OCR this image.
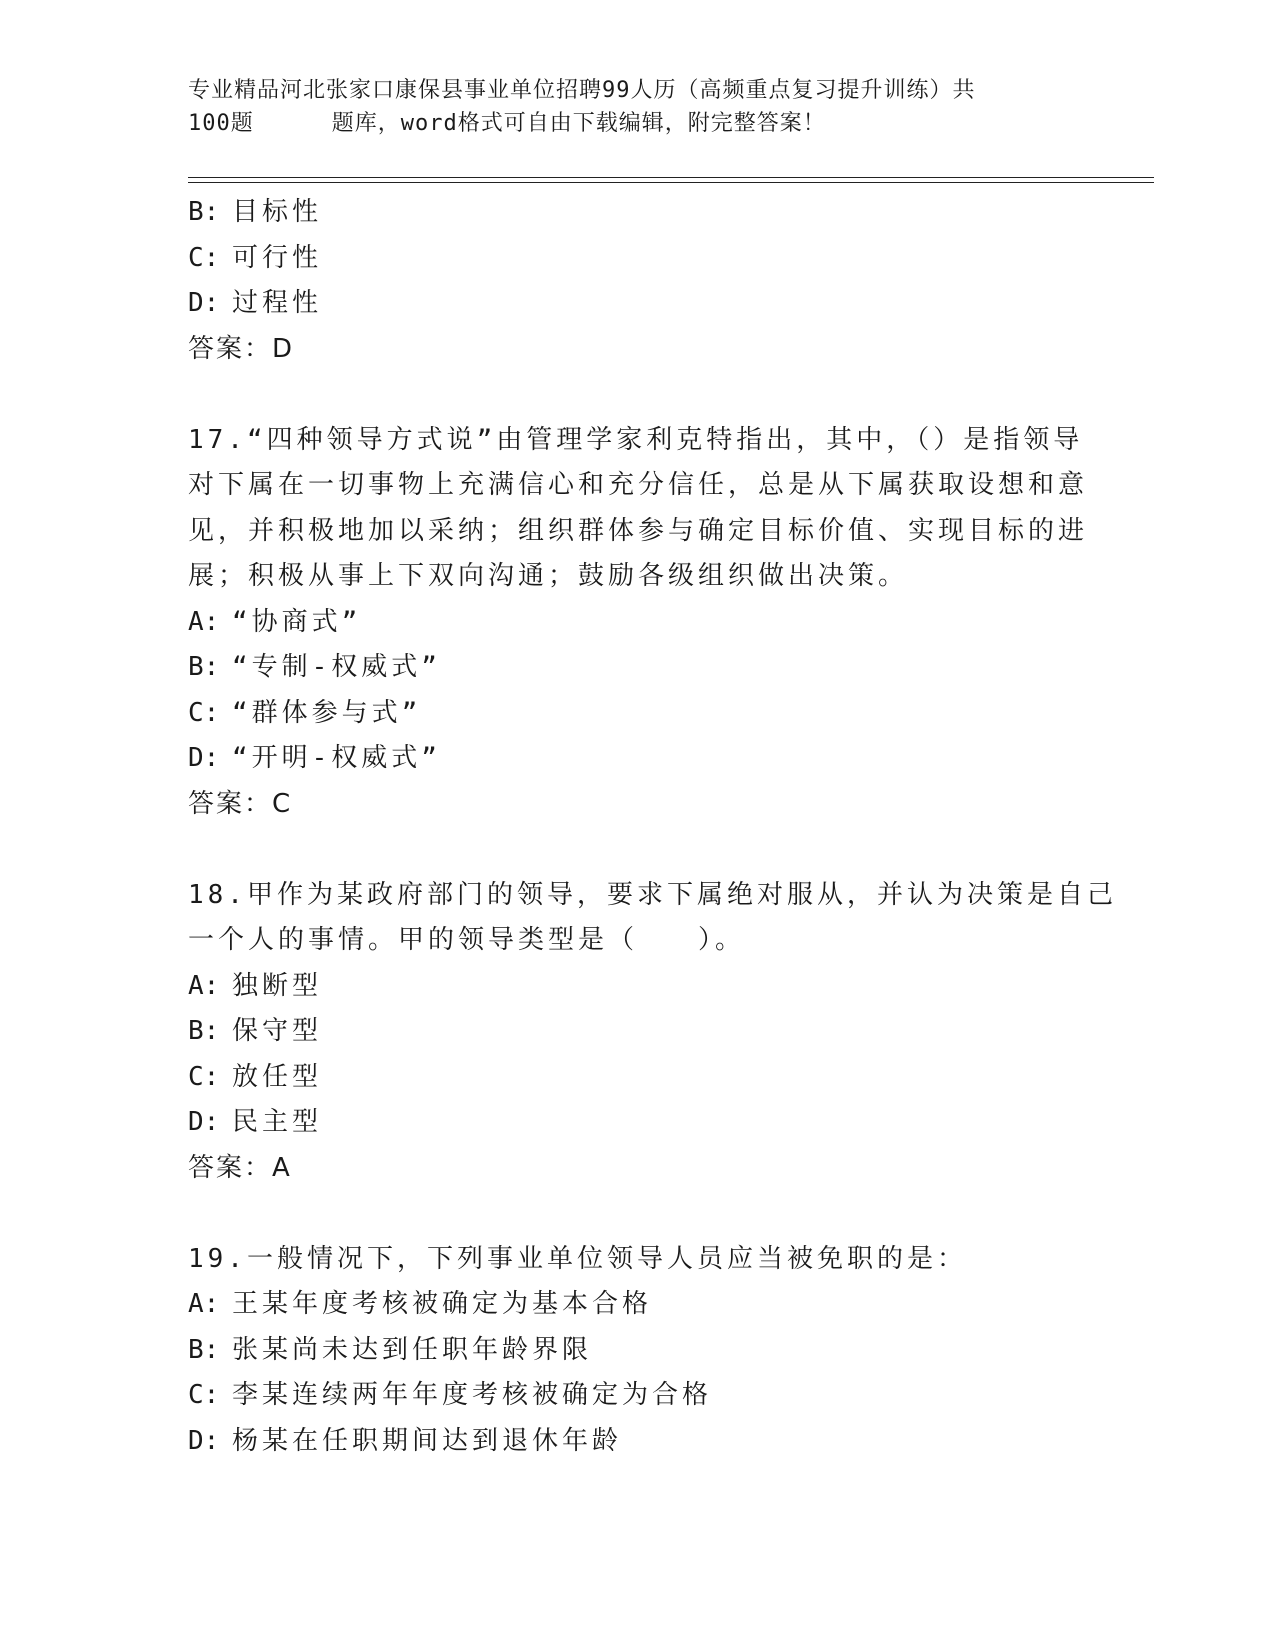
专业精品河北张家口康保县事业单位招聘99人历（高频重点复习提升训练）共
100题	题库，word格式可自由下载编辑，附完整答案！
B: 目标性
C: 可行性
D: 过程性
答案：D
17.“四种领导方式说”由管理学家利克特指出，其中，（）是指领导
对下属在一切事物上充满信心和充分信任，总是从下属获取设想和意
见，并积极地加以采纳；组织群体参与确定目标价值、实现目标的进
展；积极从事上下双向沟通；鼓励各级组织做出决策。
A: “协商式”
B: “专制-权威式”
C: “群体参与式”
D: “开明-权威式”
答案：C
18.甲作为某政府部门的领导，要求下属绝对服从，并认为决策是自己
一个人的事情。甲的领导类型是（　　）。
A: 独断型
B: 保守型
C: 放任型
D: 民主型
答案：A
19.一般情况下，下列事业单位领导人员应当被免职的是：
A: 王某年度考核被确定为基本合格
B: 张某尚未达到任职年龄界限
C: 李某连续两年年度考核被确定为合格
D: 杨某在任职期间达到退休年龄
